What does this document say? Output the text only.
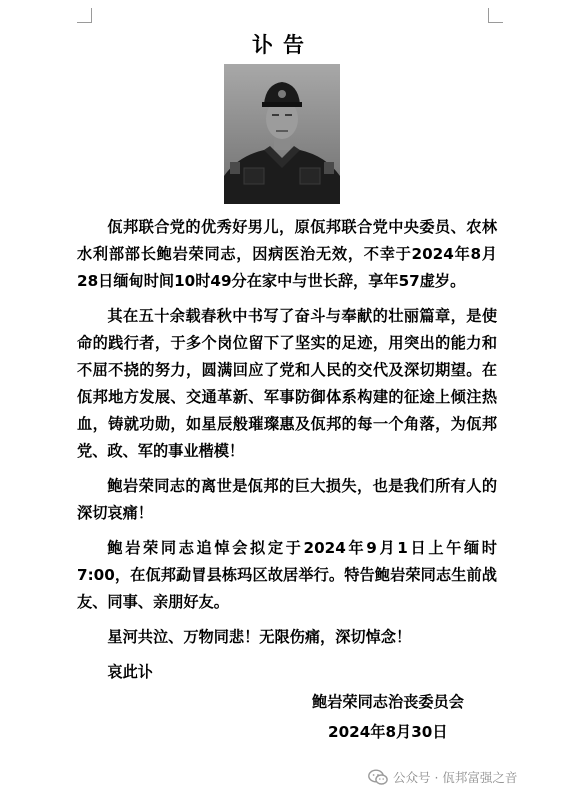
讣告

佤邦联合党的优秀好男儿，原佤邦联合党中央委员、农林水利部部长鲍岩荣同志，因病医治无效，不幸于2024年8月28日缅甸时间10时49分在家中与世长辞，享年57虚岁。

其在五十余载春秋中书写了奋斗与奉献的壮丽篇章，是使命的践行者，于多个岗位留下了坚实的足迹，用突出的能力和不屈不挠的努力，圆满回应了党和人民的交代及深切期望。在佤邦地方发展、交通革新、军事防御体系构建的征途上倾注热血，铸就功勋，如星辰般璀璨惠及佤邦的每一个角落，为佤邦党、政、军的事业楷模！

鲍岩荣同志的离世是佤邦的巨大损失，也是我们所有人的深切哀痛！

鲍岩荣同志追悼会拟定于2024年9月1日上午缅时7:00，在佤邦勐冒县栋玛区故居举行。特告鲍岩荣同志生前战友、同事、亲朋好友。

星河共泣、万物同悲！无限伤痛，深切悼念！

哀此讣

鲍岩荣同志治丧委员会
2024年8月30日
公众号 · 佤邦富强之音
